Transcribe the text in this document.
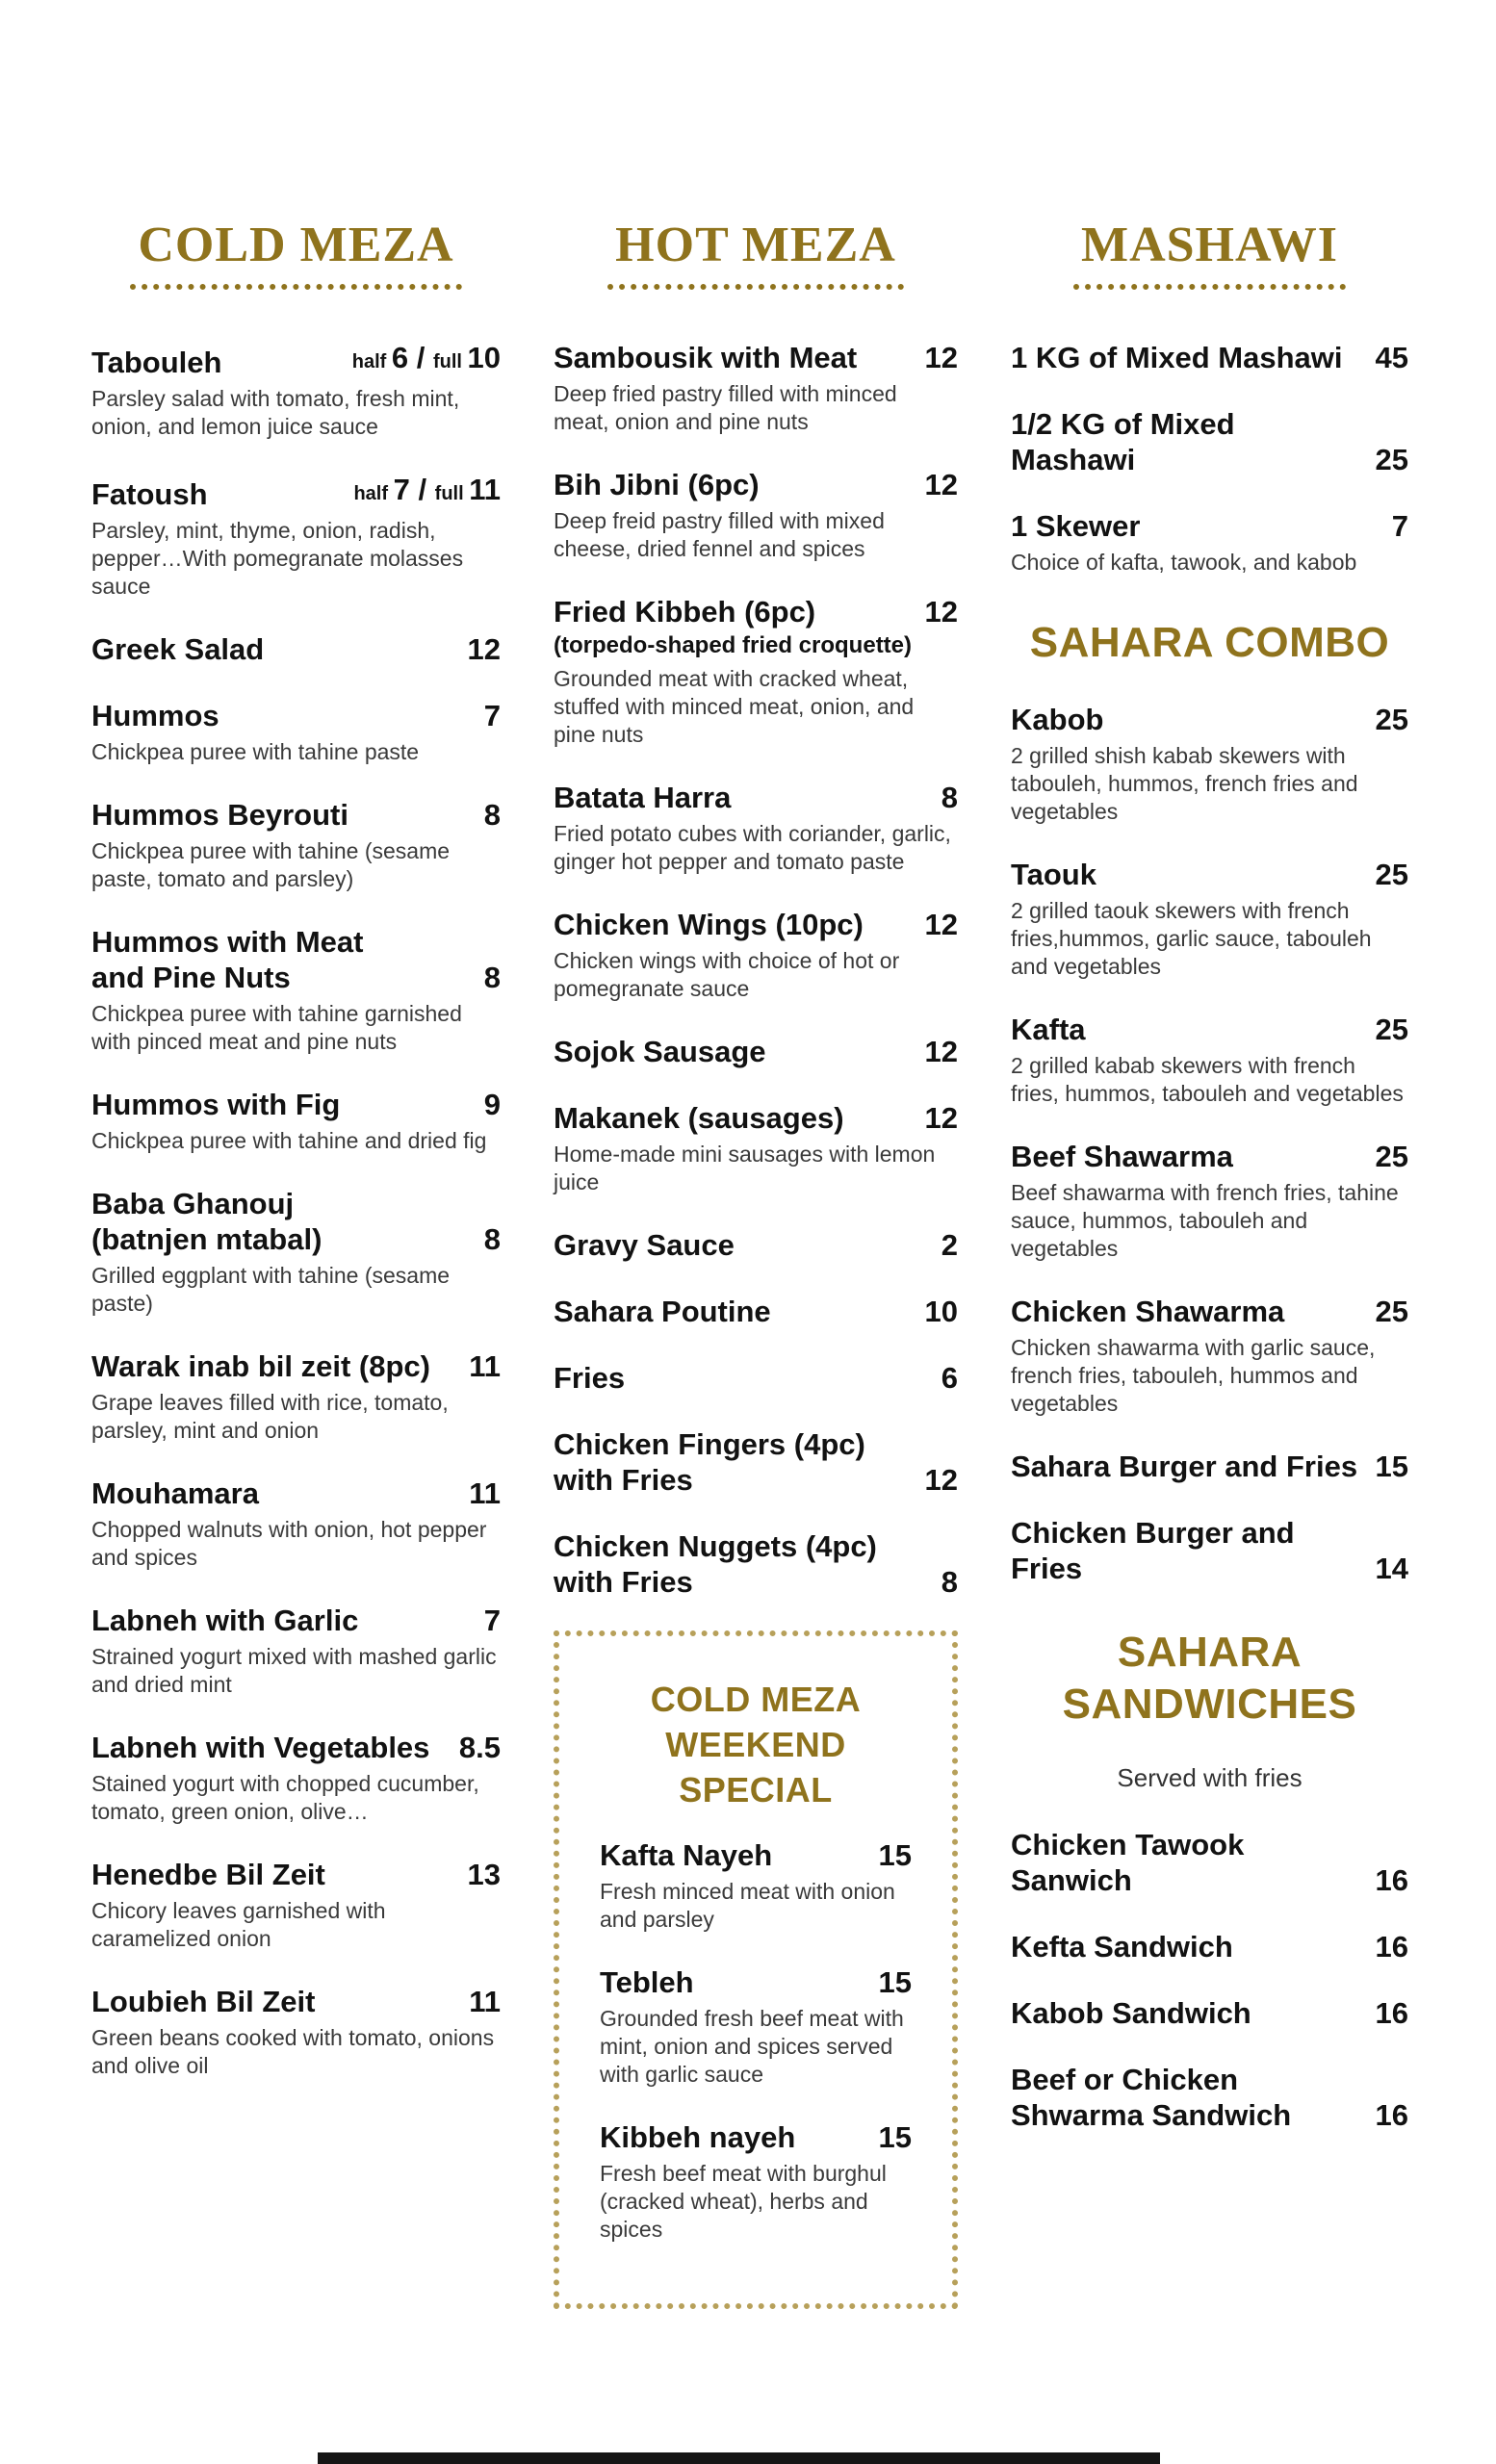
COLD MEZA
Tabouleh	half 6 / full 10
Parsley salad with tomato, fresh mint, onion, and lemon juice sauce
Fatoush	half 7 / full 11
Parsley, mint, thyme, onion, radish, pepper…With pomegranate molasses sauce
Greek Salad	12
Hummos	7
Chickpea puree with tahine paste
Hummos Beyrouti	8
Chickpea puree with tahine (sesame paste, tomato and parsley)
Hummos with Meat
and Pine Nuts	8
Chickpea puree with tahine garnished with pinced meat and pine nuts
Hummos with Fig	9
Chickpea puree with tahine and dried fig
Baba Ghanouj
(batnjen mtabal)	8
Grilled eggplant with tahine (sesame paste)
Warak inab bil zeit (8pc)	11
Grape leaves filled with rice, tomato, parsley, mint and onion
Mouhamara	11
Chopped walnuts with onion, hot pepper and spices
Labneh with Garlic	7
Strained yogurt mixed with mashed garlic and dried mint
Labneh with Vegetables 8.5
Stained yogurt with chopped cucumber, tomato, green onion, olive…
Henedbe Bil Zeit	13
Chicory leaves garnished with caramelized onion
Loubieh Bil Zeit	11
Green beans cooked with tomato, onions and olive oil
HOT MEZA
Sambousik with Meat	12
Deep fried pastry filled with minced meat, onion and pine nuts
Bih Jibni (6pc)	12
Deep freid pastry filled with mixed cheese, dried fennel and spices
Fried Kibbeh (6pc)	12
(torpedo-shaped fried croquette)
Grounded meat with cracked wheat, stuffed with minced meat, onion, and pine nuts
Batata Harra	8
Fried potato cubes with coriander, garlic, ginger hot pepper and tomato paste
Chicken Wings (10pc)	12
Chicken wings with choice of hot or pomegranate sauce
Sojok Sausage	12
Makanek (sausages)	12
Home-made mini sausages with lemon juice
Gravy Sauce	2
Sahara Poutine	10
Fries	6
Chicken Fingers (4pc)
with Fries	12
Chicken Nuggets (4pc)
with Fries	8
COLD MEZA
WEEKEND SPECIAL
Kafta Nayeh	15
Fresh minced meat with onion and parsley
Tebleh	15
Grounded fresh beef meat with mint, onion and spices served with garlic sauce
Kibbeh nayeh	15
Fresh beef meat with burghul (cracked wheat), herbs and spices
MASHAWI
1 KG of Mixed Mashawi	45
1/2 KG of Mixed Mashawi	25
1 Skewer	7
Choice of kafta, tawook, and kabob
SAHARA COMBO
Kabob	25
2 grilled shish kabab skewers with tabouleh, hummos, french fries and vegetables
Taouk	25
2 grilled taouk skewers with french fries,hummos, garlic sauce, tabouleh and vegetables
Kafta	25
2 grilled kabab skewers with french fries, hummos, tabouleh and vegetables
Beef Shawarma	25
Beef shawarma with french fries, tahine sauce, hummos, tabouleh and vegetables
Chicken Shawarma	25
Chicken shawarma with garlic sauce, french fries, tabouleh, hummos and vegetables
Sahara Burger and Fries 15
Chicken Burger and Fries	14
SAHARA
SANDWICHES
Served with fries
Chicken Tawook Sanwich	16
Kefta Sandwich	16
Kabob Sandwich	16
Beef or Chicken
Shwarma Sandwich	16
